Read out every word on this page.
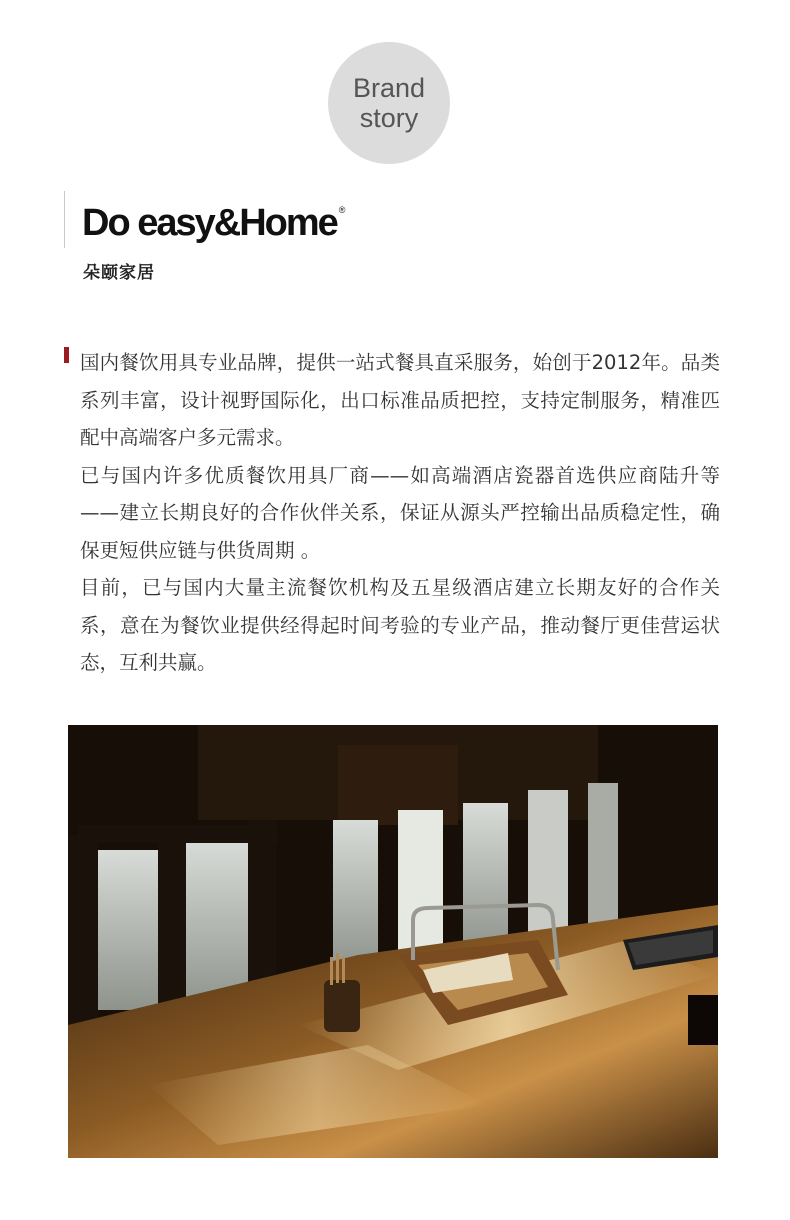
Brand
story
Do easy&Home ®
朵颐家居

国内餐饮用具专业品牌，提供一站式餐具直采服务，始创于2012年。品类系列丰富，设计视野国际化，出口标准品质把控，支持定制服务，精准匹配中高端客户多元需求。

已与国内许多优质餐饮用具厂商——如高端酒店瓷器首选供应商陆升等——建立长期良好的合作伙伴关系，保证从源头严控输出品质稳定性，确保更短供应链与供货周期 。

目前，已与国内大量主流餐饮机构及五星级酒店建立长期友好的合作关系，意在为餐饮业提供经得起时间考验的专业产品，推动餐厅更佳营运状态，互利共赢。
